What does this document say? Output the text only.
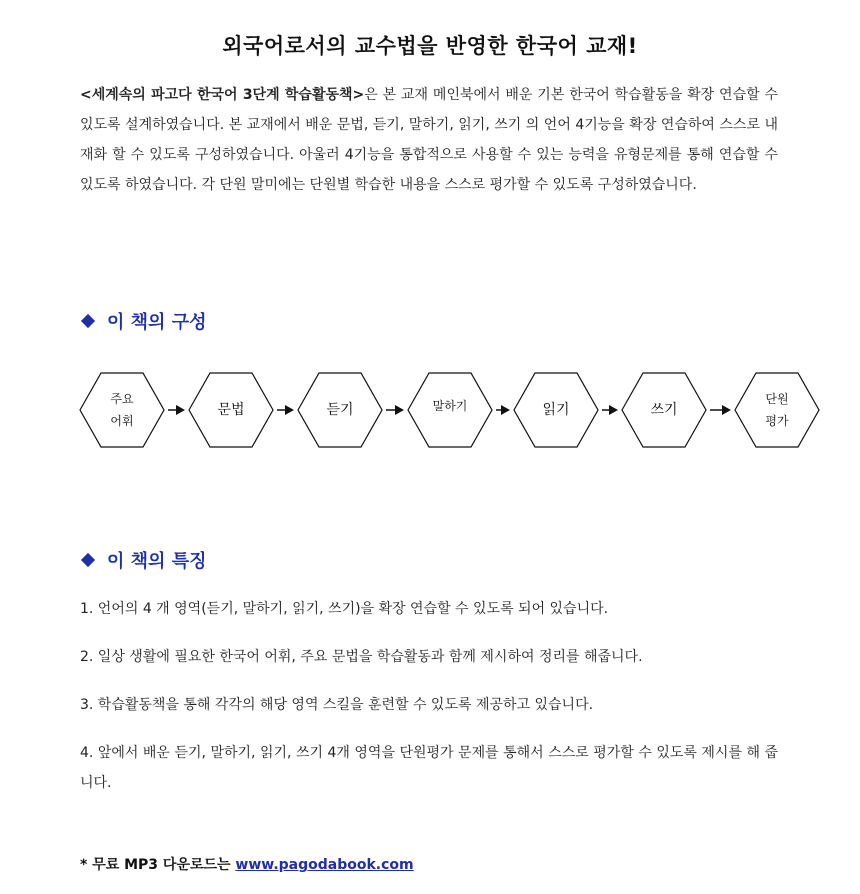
외국어로서의 교수법을 반영한 한국어 교재!

<세계속의 파고다 한국어 3단계 학습활동책>은 본 교재 메인북에서 배운 기본 한국어 학습활동을 확장 연습할 수 있도록 설계하였습니다. 본 교재에서 배운 문법, 듣기, 말하기, 읽기, 쓰기 의 언어 4기능을 확장 연습하여 스스로 내재화 할 수 있도록 구성하였습니다. 아울러 4기능을 통합적으로 사용할 수 있는 능력을 유형문제를 통해 연습할 수 있도록 하였습니다. 각 단원 말미에는 단원별 학습한 내용을 스스로 평가할 수 있도록 구성하였습니다.

이 책의 구성
주요
어휘
문법	듣기	말하기	읽기	쓰기
단원
평가
이 책의 특징

1. 언어의 4 개 영역(듣기, 말하기, 읽기, 쓰기)을 확장 연습할 수 있도록 되어 있습니다.

2. 일상 생활에 필요한 한국어 어휘, 주요 문법을 학습활동과 함께 제시하여 정리를 해줍니다.

3. 학습활동책을 통해 각각의 해당 영역 스킬을 훈련할 수 있도록 제공하고 있습니다.

4. 앞에서 배운 듣기, 말하기, 읽기, 쓰기 4개 영역을 단원평가 문제를 통해서 스스로 평가할 수 있도록 제시를 해 줍니다.

* 무료 MP3 다운로드는 www.pagodabook.com
